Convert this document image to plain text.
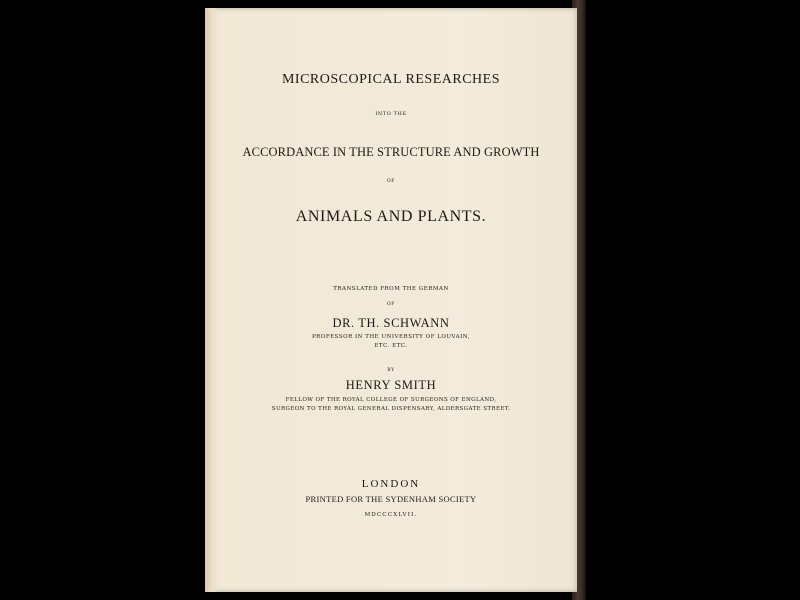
MICROSCOPICAL RESEARCHES
INTO THE
ACCORDANCE IN THE STRUCTURE AND GROWTH
OF
ANIMALS AND PLANTS.
TRANSLATED FROM THE GERMAN
OF
DR. TH. SCHWANN
PROFESSOR IN THE UNIVERSITY OF LOUVAIN,
ETC. ETC.
BY
HENRY SMITH
FELLOW OF THE ROYAL COLLEGE OF SURGEONS OF ENGLAND,
SURGEON TO THE ROYAL GENERAL DISPENSARY, ALDERSGATE STREET.
LONDON
PRINTED FOR THE SYDENHAM SOCIETY
MDCCCXLVII.
